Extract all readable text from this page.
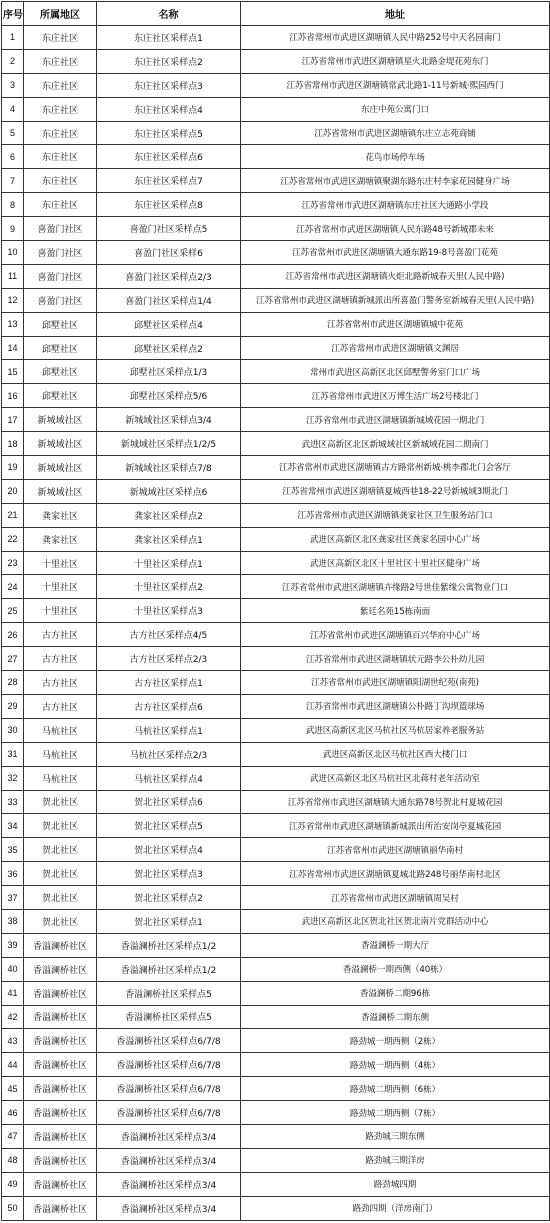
序号	所属地区	名称	地址
1	东庄社区	东庄社区采样点1	江苏省常州市武进区湖塘镇人民中路252号中天名园南门
2	东庄社区	东庄社区采样点2	江苏省常州市武进区湖塘镇星火北路金堤花苑东门
3	东庄社区	东庄社区采样点3	江苏省常州市武进区湖塘镇常武北路1-11号新城·熙园西门
4	东庄社区	东庄社区采样点4	东庄中苑公寓门口
5	东庄社区	东庄社区采样点5	江苏省常州市武进区湖塘镇东庄立志苑商铺
6	东庄社区	东庄社区采样点6	花鸟市场停车场
7	东庄社区	东庄社区采样点7	江苏省常州市武进区湖塘镇聚湖东路东庄村李家花园健身广场
8	东庄社区	东庄社区采样点8	江苏省常州市武进区湖塘镇东庄社区大通路小学段
9	喜盈门社区	喜盈门社区采样点5	江苏省常州市武进区湖塘镇人民东路48号新城郡未来
10	喜盈门社区	喜盈门社区采样6	江苏省常州市武进区湖塘镇大通东路19-8号喜盈门花苑
11	喜盈门社区	喜盈门社区采样点2/3	江苏省常州市武进区湖塘镇火炬北路新城春天里(人民中路)
12	喜盈门社区	喜盈门社区采样点1/4	江苏省常州市武进区湖塘镇新城派出所喜盈门警务室新城春天里(人民中路)
13	邱墅社区	邱墅社区采样点4	江苏省常州市武进区湖塘镇城中花苑
14	邱墅社区	邱墅社区采样点2	江苏省常州市武进区湖塘镇文渊居
15	邱墅社区	邱墅社区采样点1/3	常州市武进区高新区北区邱墅警务室门口广场
16	邱墅社区	邱墅社区采样点5/6	江苏省常州市武进区万博生活广场2号楼北门
17	新城域社区	新城域社区采样点3/4	江苏省常州市武进区湖塘镇新城域花园一期北门
18	新城域社区	新城域社区采样点1/2/5	武进区高新区北区新城域社区新城域花园二期南门
19	新城域社区	新城域社区采样点7/8	江苏省常州市武进区湖塘镇古方路常州新城·桃李郡北门会客厅
20	新城域社区	新城域社区采样点6	江苏省常州市武进区湖塘镇夏城西巷18-22号新城域3期北门
21	龚家社区	龚家社区采样点2	江苏省常州市武进区湖塘镇龚家社区卫生服务站门口
22	龚家社区	龚家社区采样点1	武进区高新区北区龚家社区龚家名园中心广场
23	十里社区	十里社区采样点1	武进区高新区北区十里社区十里社区健身广场
24	十里社区	十里社区采样点2	江苏省常州市武进区湖塘镇卉缘路2号世佳紫缘公寓物业门口
25	十里社区	十里社区采样点3	紫廷名苑15栋南面
26	古方社区	古方社区采样点4/5	江苏省常州市武进区湖塘镇百兴华府中心广场
27	古方社区	古方社区采样点2/3	江苏省常州市武进区湖塘镇状元路李公朴幼儿园
28	古方社区	古方社区采样点1	江苏省常州市武进区湖塘镇阳湖世纪苑(南苑)
29	古方社区	古方社区采样点6	江苏省常州市武进区湖塘镇公朴路丁沟坝篮球场
30	马杭社区	马杭社区采样点1	武进区高新区北区马杭社区马杭居家养老服务站
31	马杭社区	马杭社区采样点2/3	武进区高新区北区马杭社区西大楼门口
32	马杭社区	马杭社区采样点4	武进区高新区北区马杭社区北蒋村老年活动室
33	贺北社区	贺北社区采样点6	江苏省常州市武进区湖塘镇大通东路78号贺北村夏城花园
34	贺北社区	贺北社区采样点5	江苏省常州市武进区湖塘镇新城派出所治安岗亭夏城花园
35	贺北社区	贺北社区采样点4	江苏省常州市武进区湖塘镇丽华南村
36	贺北社区	贺北社区采样点3	江苏省常州市武进区湖塘镇夏城北路248号丽华南村北区
37	贺北社区	贺北社区采样点2	江苏省常州市武进区湖塘镇周吴村
38	贺北社区	贺北社区采样点1	武进区高新区北区贺北社区贺北南片党群活动中心
39	香溢澜桥社区	香溢澜桥社区采样点1/2	香溢澜桥一期大厅
40	香溢澜桥社区	香溢澜桥社区采样点1/2	香溢澜桥一期西侧（40栋）
41	香溢澜桥社区	香溢澜桥社区采样点5	香溢澜桥二期96栋
42	香溢澜桥社区	香溢澜桥社区采样点5	香溢澜桥二期东侧
43	香溢澜桥社区	香溢澜桥社区采样点6/7/8	路劲城一期西侧（2栋）
44	香溢澜桥社区	香溢澜桥社区采样点6/7/8	路劲城一期西侧（4栋）
45	香溢澜桥社区	香溢澜桥社区采样点6/7/8	路劲城二期西侧（6栋）
46	香溢澜桥社区	香溢澜桥社区采样点6/7/8	路劲城二期西侧（7栋）
47	香溢澜桥社区	香溢澜桥社区采样点3/4	路劲城三期东侧
48	香溢澜桥社区	香溢澜桥社区采样点3/4	路劲城三期洋房
49	香溢澜桥社区	香溢澜桥社区采样点3/4	路劲城四期
50	香溢澜桥社区	香溢澜桥社区采样点3/4	路劲四期（洋房南门）
